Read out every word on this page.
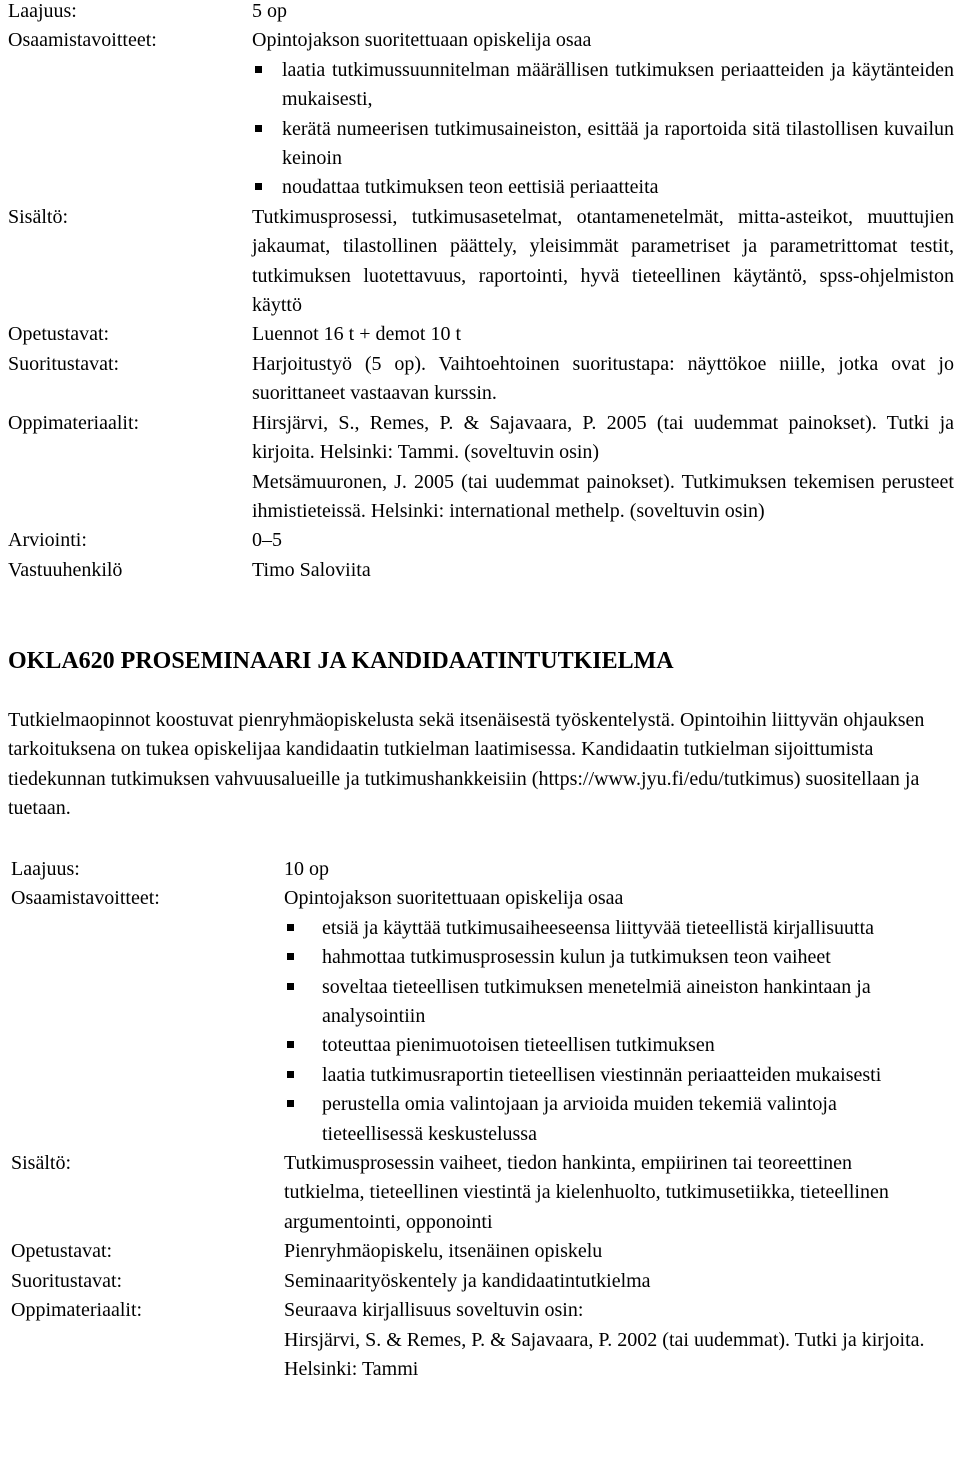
Laajuus:	5 op
Osaamistavoitteet:	Opintojakson suoritettuaan opiskelija osaa
laatia tutkimussuunnitelman määrällisen tutkimuksen periaatteiden ja käytänteiden mukaisesti,
kerätä numeerisen tutkimusaineiston, esittää ja raportoida sitä tilastollisen kuvailun keinoin
noudattaa tutkimuksen teon eettisiä periaatteita
Sisältö:	Tutkimusprosessi, tutkimusasetelmat, otantamenetelmät, mitta-asteikot, muuttujien jakaumat, tilastollinen päättely, yleisimmät parametriset ja parametrittomat testit, tutkimuksen luotettavuus, raportointi, hyvä tieteellinen käytäntö, spss-ohjelmiston käyttö
Opetustavat:	Luennot 16 t + demot 10 t
Suoritustavat:	Harjoitustyö (5 op). Vaihtoehtoinen suoritustapa: näyttökoe niille, jotka ovat jo suorittaneet vastaavan kurssin.
Oppimateriaalit:	Hirsjärvi, S., Remes, P. & Sajavaara, P. 2005 (tai uudemmat painokset). Tutki ja kirjoita. Helsinki: Tammi. (soveltuvin osin)
Metsämuuronen, J. 2005 (tai uudemmat painokset). Tutkimuksen tekemisen perusteet ihmistieteissä. Helsinki: international methelp. (soveltuvin osin)
Arviointi:	0–5
Vastuuhenkilö	Timo Saloviita
OKLA620 PROSEMINAARI JA KANDIDAATINTUTKIELMA
Tutkielmaopinnot koostuvat pienryhmäopiskelusta sekä itsenäisestä työskentelystä. Opintoihin liittyvän ohjauksen tarkoituksena on tukea opiskelijaa kandidaatin tutkielman laatimisessa. Kandidaatin tutkielman sijoittumista tiedekunnan tutkimuksen vahvuusalueille ja tutkimushankkeisiin (https://www.jyu.fi/edu/tutkimus) suositellaan ja tuetaan.
Laajuus:	10 op
Osaamistavoitteet:	Opintojakson suoritettuaan opiskelija osaa
etsiä ja käyttää tutkimusaiheeseensa liittyvää tieteellistä kirjallisuutta
hahmottaa tutkimusprosessin kulun ja tutkimuksen teon vaiheet
soveltaa tieteellisen tutkimuksen menetelmiä aineiston hankintaan ja analysointiin
toteuttaa pienimuotoisen tieteellisen tutkimuksen
laatia tutkimusraportin tieteellisen viestinnän periaatteiden mukaisesti
perustella omia valintojaan ja arvioida muiden tekemiä valintoja tieteellisessä keskustelussa
Sisältö:	Tutkimusprosessin vaiheet, tiedon hankinta, empiirinen tai teoreettinen tutkielma, tieteellinen viestintä ja kielenhuolto, tutkimusetiikka, tieteellinen argumentointi, opponointi
Opetustavat:	Pienryhmäopiskelu, itsenäinen opiskelu
Suoritustavat:	Seminaarityöskentely ja kandidaatintutkielma
Oppimateriaalit:	Seuraava kirjallisuus soveltuvin osin:
Hirsjärvi, S. & Remes, P. & Sajavaara, P. 2002 (tai uudemmat). Tutki ja kirjoita. Helsinki: Tammi
